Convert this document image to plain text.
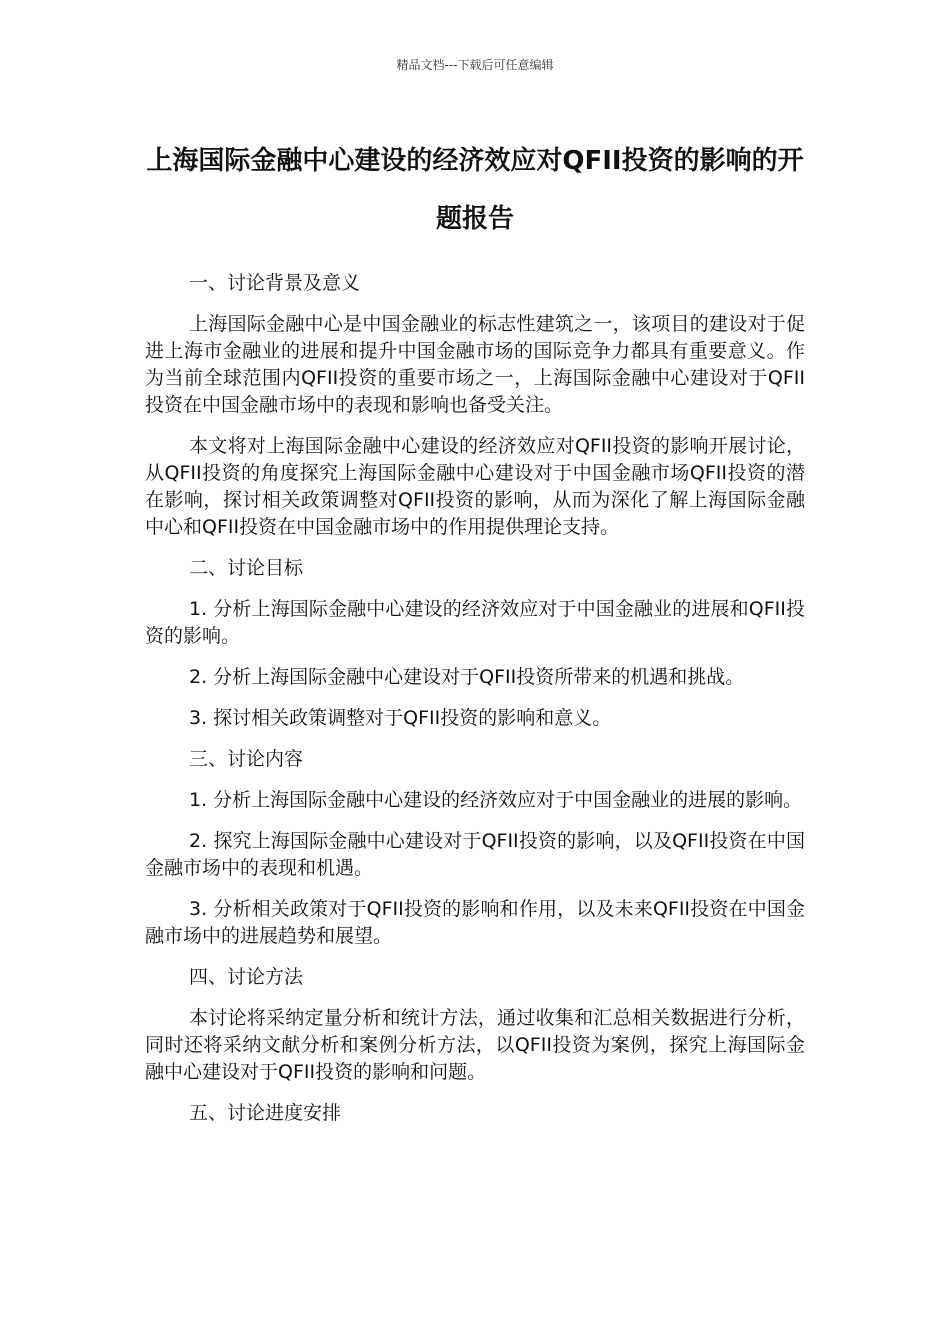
精品文档---下载后可任意编辑
上海国际金融中心建设的经济效应对QFII投资的影响的开题报告
一、讨论背景及意义

上海国际金融中心是中国金融业的标志性建筑之一，该项目的建设对于促进上海市金融业的进展和提升中国金融市场的国际竞争力都具有重要意义。作为当前全球范围内QFII投资的重要市场之一，上海国际金融中心建设对于QFII投资在中国金融市场中的表现和影响也备受关注。

本文将对上海国际金融中心建设的经济效应对QFII投资的影响开展讨论，从QFII投资的角度探究上海国际金融中心建设对于中国金融市场QFII投资的潜在影响，探讨相关政策调整对QFII投资的影响，从而为深化了解上海国际金融中心和QFII投资在中国金融市场中的作用提供理论支持。

二、讨论目标

1. 分析上海国际金融中心建设的经济效应对于中国金融业的进展和QFII投资的影响。

2. 分析上海国际金融中心建设对于QFII投资所带来的机遇和挑战。

3. 探讨相关政策调整对于QFII投资的影响和意义。

三、讨论内容

1. 分析上海国际金融中心建设的经济效应对于中国金融业的进展的影响。

2. 探究上海国际金融中心建设对于QFII投资的影响，以及QFII投资在中国金融市场中的表现和机遇。

3. 分析相关政策对于QFII投资的影响和作用，以及未来QFII投资在中国金融市场中的进展趋势和展望。

四、讨论方法

本讨论将采纳定量分析和统计方法，通过收集和汇总相关数据进行分析，同时还将采纳文献分析和案例分析方法，以QFII投资为案例，探究上海国际金融中心建设对于QFII投资的影响和问题。

五、讨论进度安排
